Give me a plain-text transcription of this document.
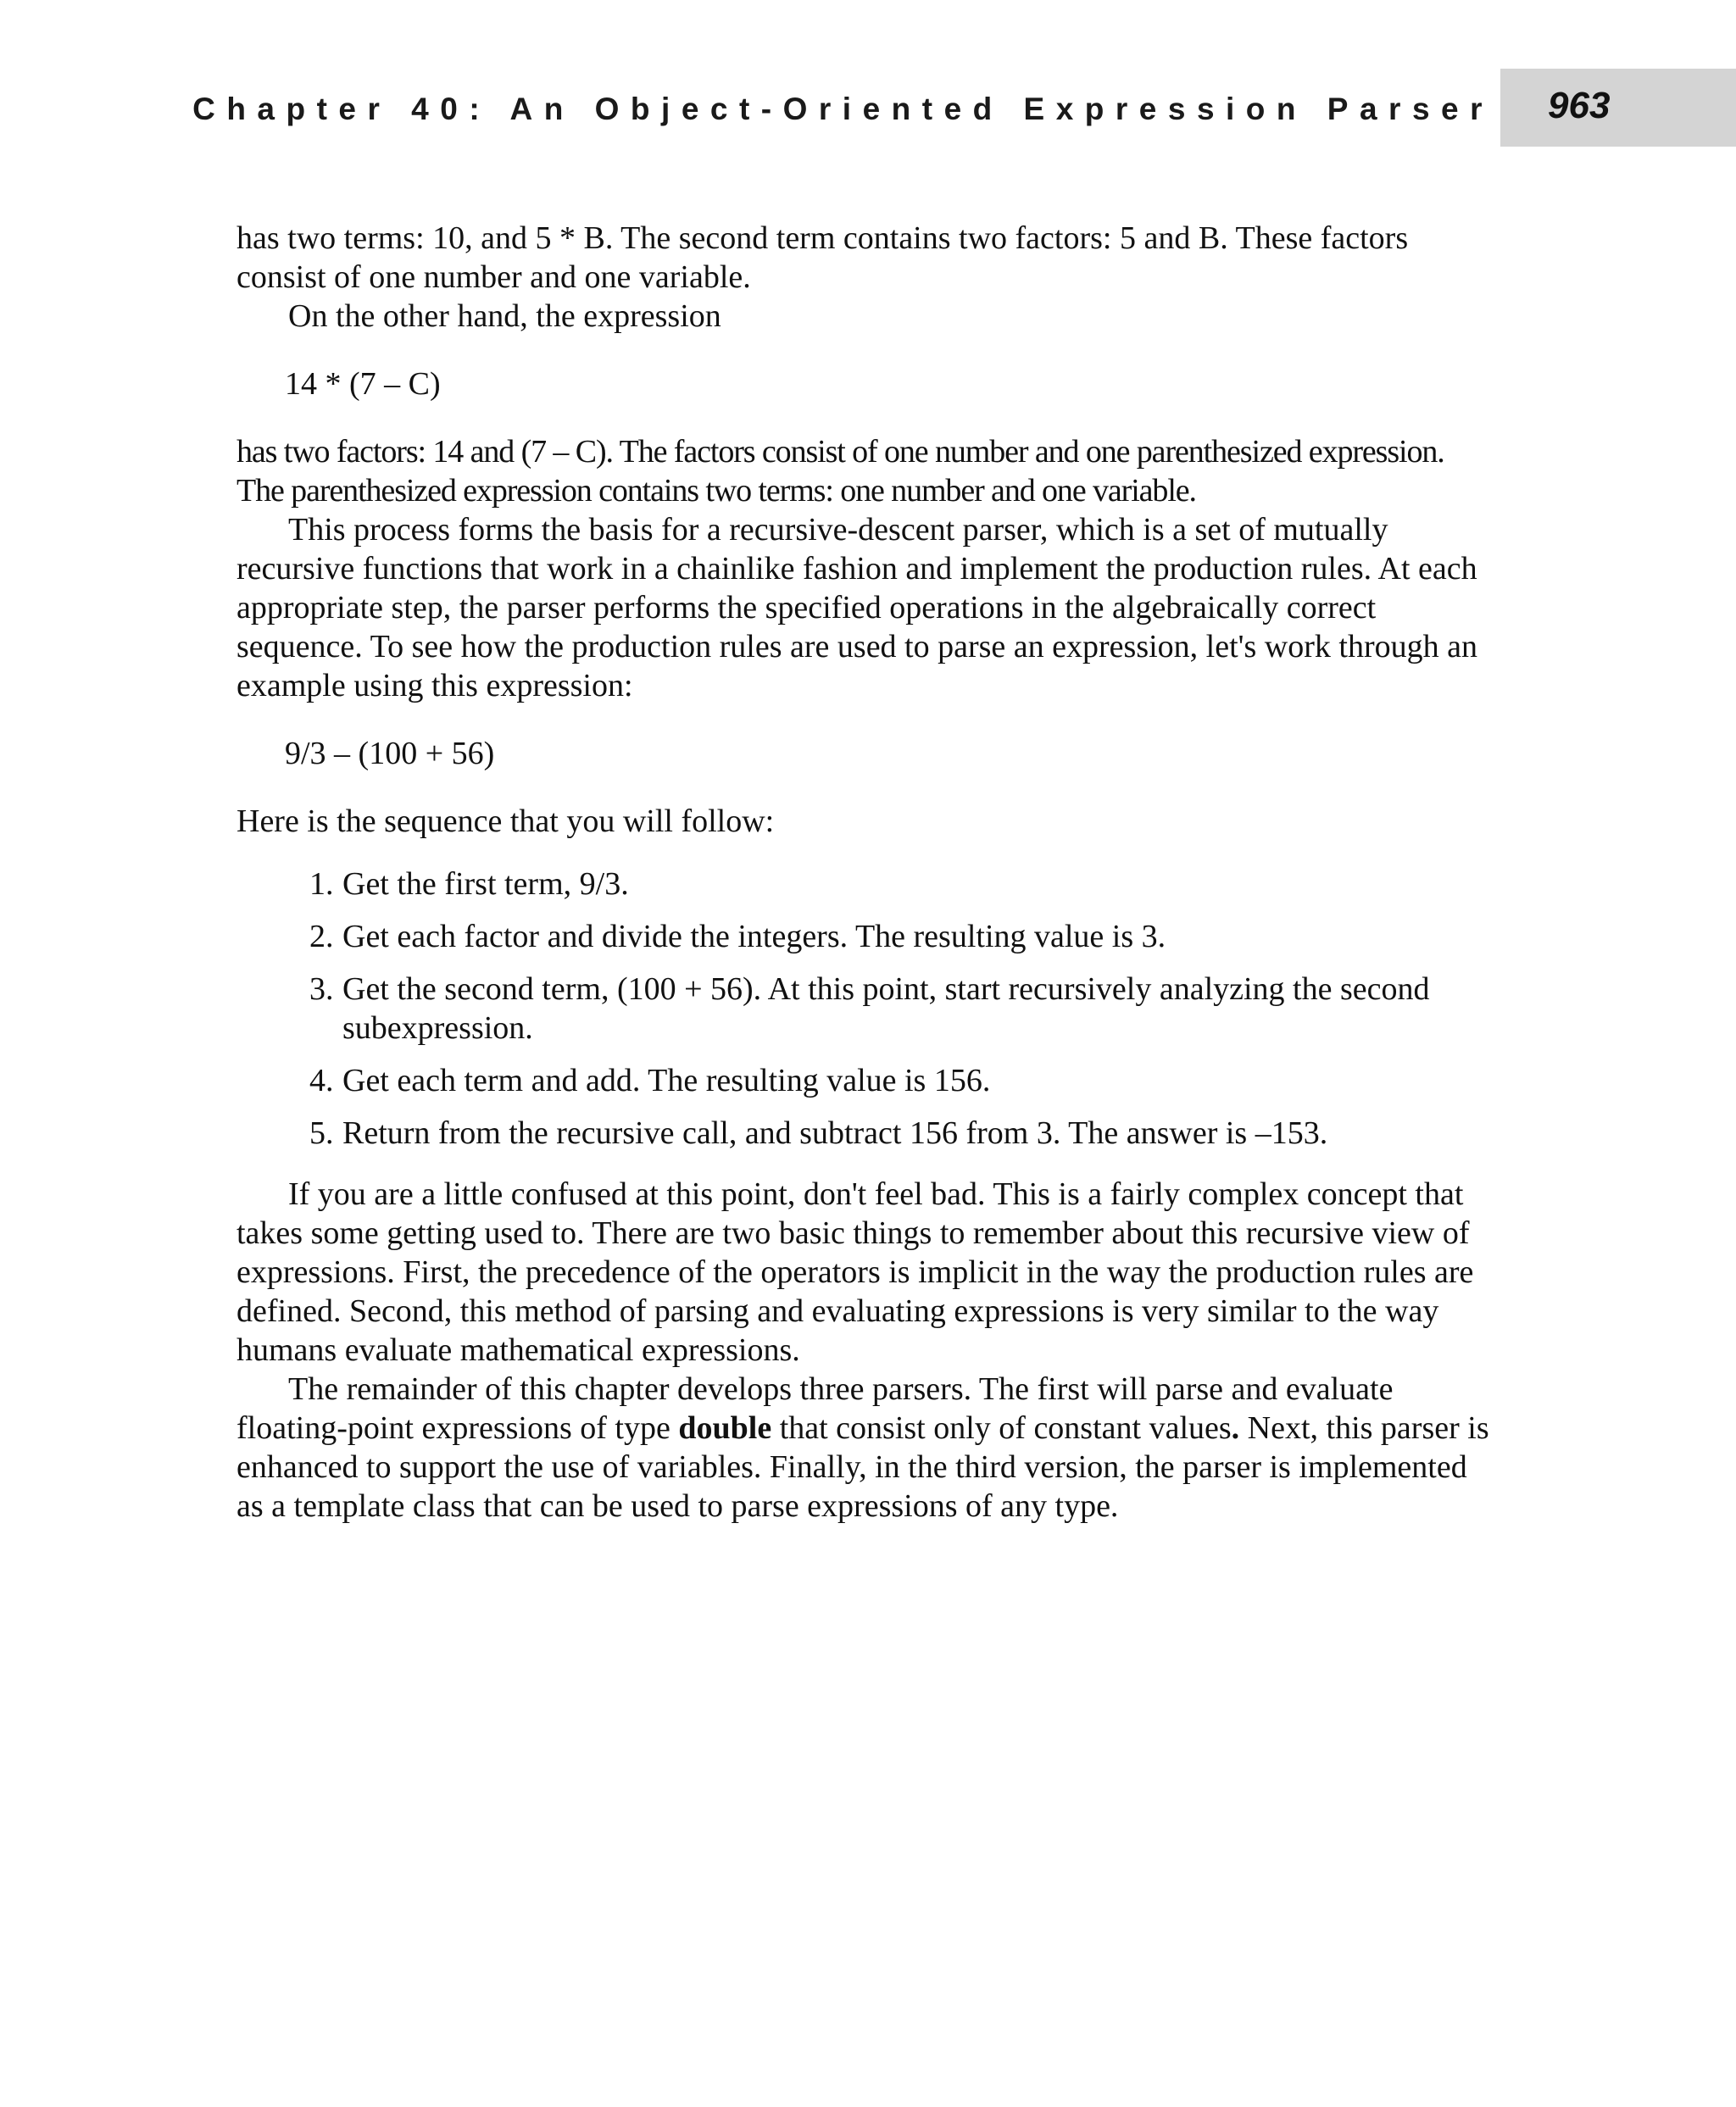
Chapter 40: An Object-Oriented Expression Parser 963

has two terms: 10, and 5 * B. The second term contains two factors: 5 and B. These factors consist of one number and one variable.

On the other hand, the expression

14 * (7 – C)

has two factors: 14 and (7 – C). The factors consist of one number and one parenthesized expression. The parenthesized expression contains two terms: one number and one variable.

This process forms the basis for a recursive-descent parser, which is a set of mutually recursive functions that work in a chainlike fashion and implement the production rules. At each appropriate step, the parser performs the specified operations in the algebraically correct sequence. To see how the production rules are used to parse an expression, let's work through an example using this expression:

9/3 – (100 + 56)

Here is the sequence that you will follow:

1. Get the first term, 9/3.
2. Get each factor and divide the integers. The resulting value is 3.
3. Get the second term, (100 + 56). At this point, start recursively analyzing the second subexpression.
4. Get each term and add. The resulting value is 156.
5. Return from the recursive call, and subtract 156 from 3. The answer is –153.

If you are a little confused at this point, don't feel bad. This is a fairly complex concept that takes some getting used to. There are two basic things to remember about this recursive view of expressions. First, the precedence of the operators is implicit in the way the production rules are defined. Second, this method of parsing and evaluating expressions is very similar to the way humans evaluate mathematical expressions.

The remainder of this chapter develops three parsers. The first will parse and evaluate floating-point expressions of type double that consist only of constant values. Next, this parser is enhanced to support the use of variables. Finally, in the third version, the parser is implemented as a template class that can be used to parse expressions of any type.
